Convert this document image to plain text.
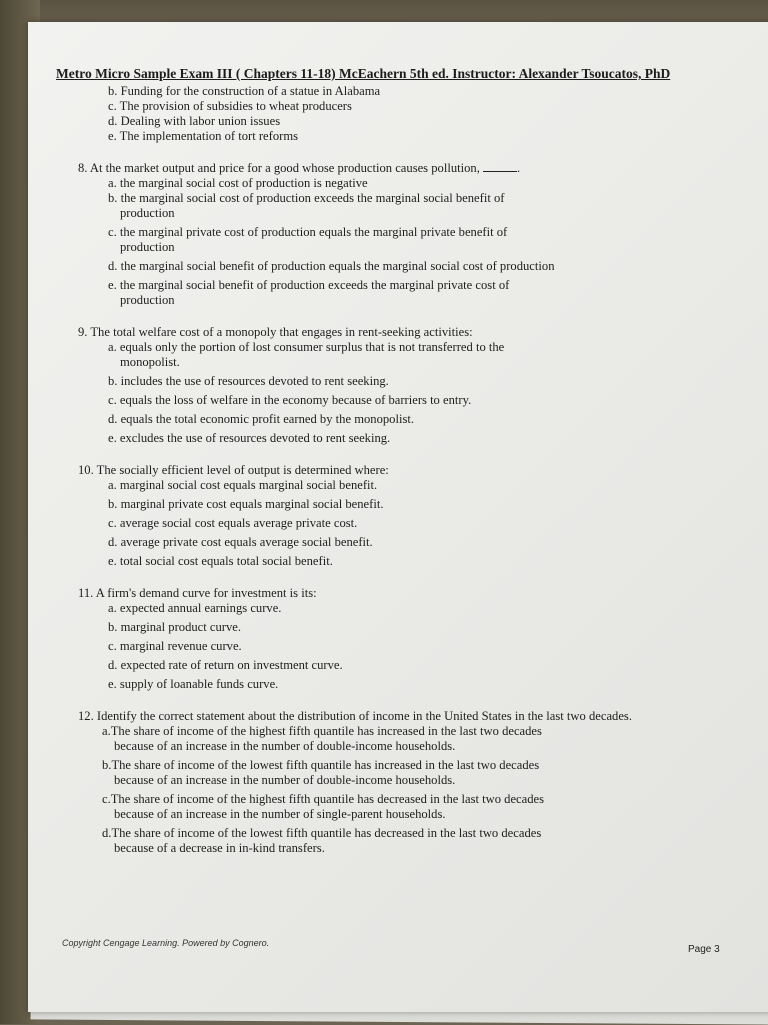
Metro Micro Sample Exam III ( Chapters 11-18) McEachern 5th ed. Instructor: Alexander Tsoucatos, PhD
b. Funding for the construction of a statue in Alabama
c. The provision of subsidies to wheat producers
d. Dealing with labor union issues
e. The implementation of tort reforms
8. At the market output and price for a good whose production causes pollution,	.
a. the marginal social cost of production is negative
b. the marginal social cost of production exceeds the marginal social benefit of
production
c. the marginal private cost of production equals the marginal private benefit of
production
d. the marginal social benefit of production equals the marginal social cost of production
e. the marginal social benefit of production exceeds the marginal private cost of
production
9. The total welfare cost of a monopoly that engages in rent-seeking activities:
a. equals only the portion of lost consumer surplus that is not transferred to the
monopolist.
b. includes the use of resources devoted to rent seeking.
c. equals the loss of welfare in the economy because of barriers to entry.
d. equals the total economic profit earned by the monopolist.
e. excludes the use of resources devoted to rent seeking.
10. The socially efficient level of output is determined where:
a. marginal social cost equals marginal social benefit.
b. marginal private cost equals marginal social benefit.
c. average social cost equals average private cost.
d. average private cost equals average social benefit.
e. total social cost equals total social benefit.
11. A firm's demand curve for investment is its:
a. expected annual earnings curve.
b. marginal product curve.
c. marginal revenue curve.
d. expected rate of return on investment curve.
e. supply of loanable funds curve.
12. Identify the correct statement about the distribution of income in the United States in the last two decades.
a.The share of income of the highest fifth quantile has increased in the last two decades
because of an increase in the number of double-income households.
b.The share of income of the lowest fifth quantile has increased in the last two decades
because of an increase in the number of double-income households.
c.The share of income of the highest fifth quantile has decreased in the last two decades
because of an increase in the number of single-parent households.
d.The share of income of the lowest fifth quantile has decreased in the last two decades
because of a decrease in in-kind transfers.
Copyright Cengage Learning. Powered by Cognero.
Page 3
